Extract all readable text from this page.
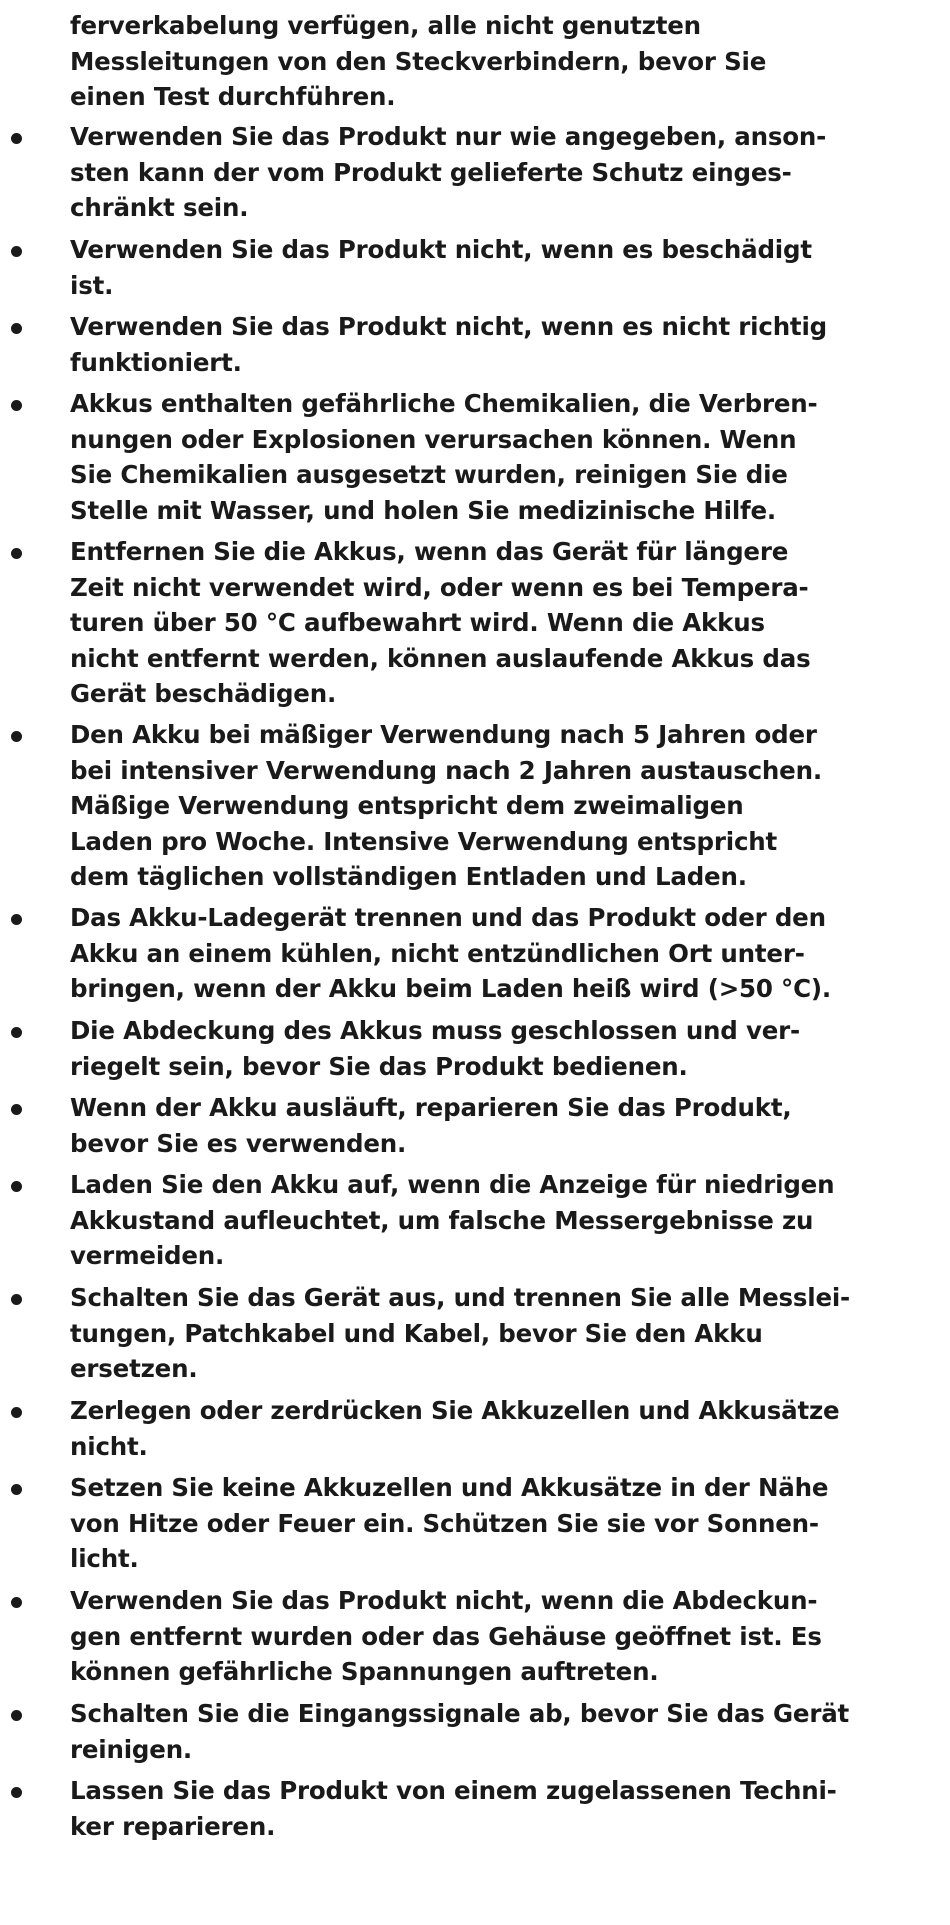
ferverkabelung verfügen, alle nicht genutzten
Messleitungen von den Steckverbindern, bevor Sie
einen Test durchführen.
Verwenden Sie das Produkt nur wie angegeben, anson-
sten kann der vom Produkt gelieferte Schutz einges-
chränkt sein.
Verwenden Sie das Produkt nicht, wenn es beschädigt
ist.
Verwenden Sie das Produkt nicht, wenn es nicht richtig
funktioniert.
Akkus enthalten gefährliche Chemikalien, die Verbren-
nungen oder Explosionen verursachen können. Wenn
Sie Chemikalien ausgesetzt wurden, reinigen Sie die
Stelle mit Wasser, und holen Sie medizinische Hilfe.
Entfernen Sie die Akkus, wenn das Gerät für längere
Zeit nicht verwendet wird, oder wenn es bei Tempera-
turen über 50 °C aufbewahrt wird. Wenn die Akkus
nicht entfernt werden, können auslaufende Akkus das
Gerät beschädigen.
Den Akku bei mäßiger Verwendung nach 5 Jahren oder
bei intensiver Verwendung nach 2 Jahren austauschen.
Mäßige Verwendung entspricht dem zweimaligen
Laden pro Woche. Intensive Verwendung entspricht
dem täglichen vollständigen Entladen und Laden.
Das Akku-Ladegerät trennen und das Produkt oder den
Akku an einem kühlen, nicht entzündlichen Ort unter-
bringen, wenn der Akku beim Laden heiß wird (>50 °C).
Die Abdeckung des Akkus muss geschlossen und ver-
riegelt sein, bevor Sie das Produkt bedienen.
Wenn der Akku ausläuft, reparieren Sie das Produkt,
bevor Sie es verwenden.
Laden Sie den Akku auf, wenn die Anzeige für niedrigen
Akkustand aufleuchtet, um falsche Messergebnisse zu
vermeiden.
Schalten Sie das Gerät aus, und trennen Sie alle Messlei-
tungen, Patchkabel und Kabel, bevor Sie den Akku
ersetzen.
Zerlegen oder zerdrücken Sie Akkuzellen und Akkusätze
nicht.
Setzen Sie keine Akkuzellen und Akkusätze in der Nähe
von Hitze oder Feuer ein. Schützen Sie sie vor Sonnen-
licht.
Verwenden Sie das Produkt nicht, wenn die Abdeckun-
gen entfernt wurden oder das Gehäuse geöffnet ist. Es
können gefährliche Spannungen auftreten.
Schalten Sie die Eingangssignale ab, bevor Sie das Gerät
reinigen.
Lassen Sie das Produkt von einem zugelassenen Techni-
ker reparieren.
